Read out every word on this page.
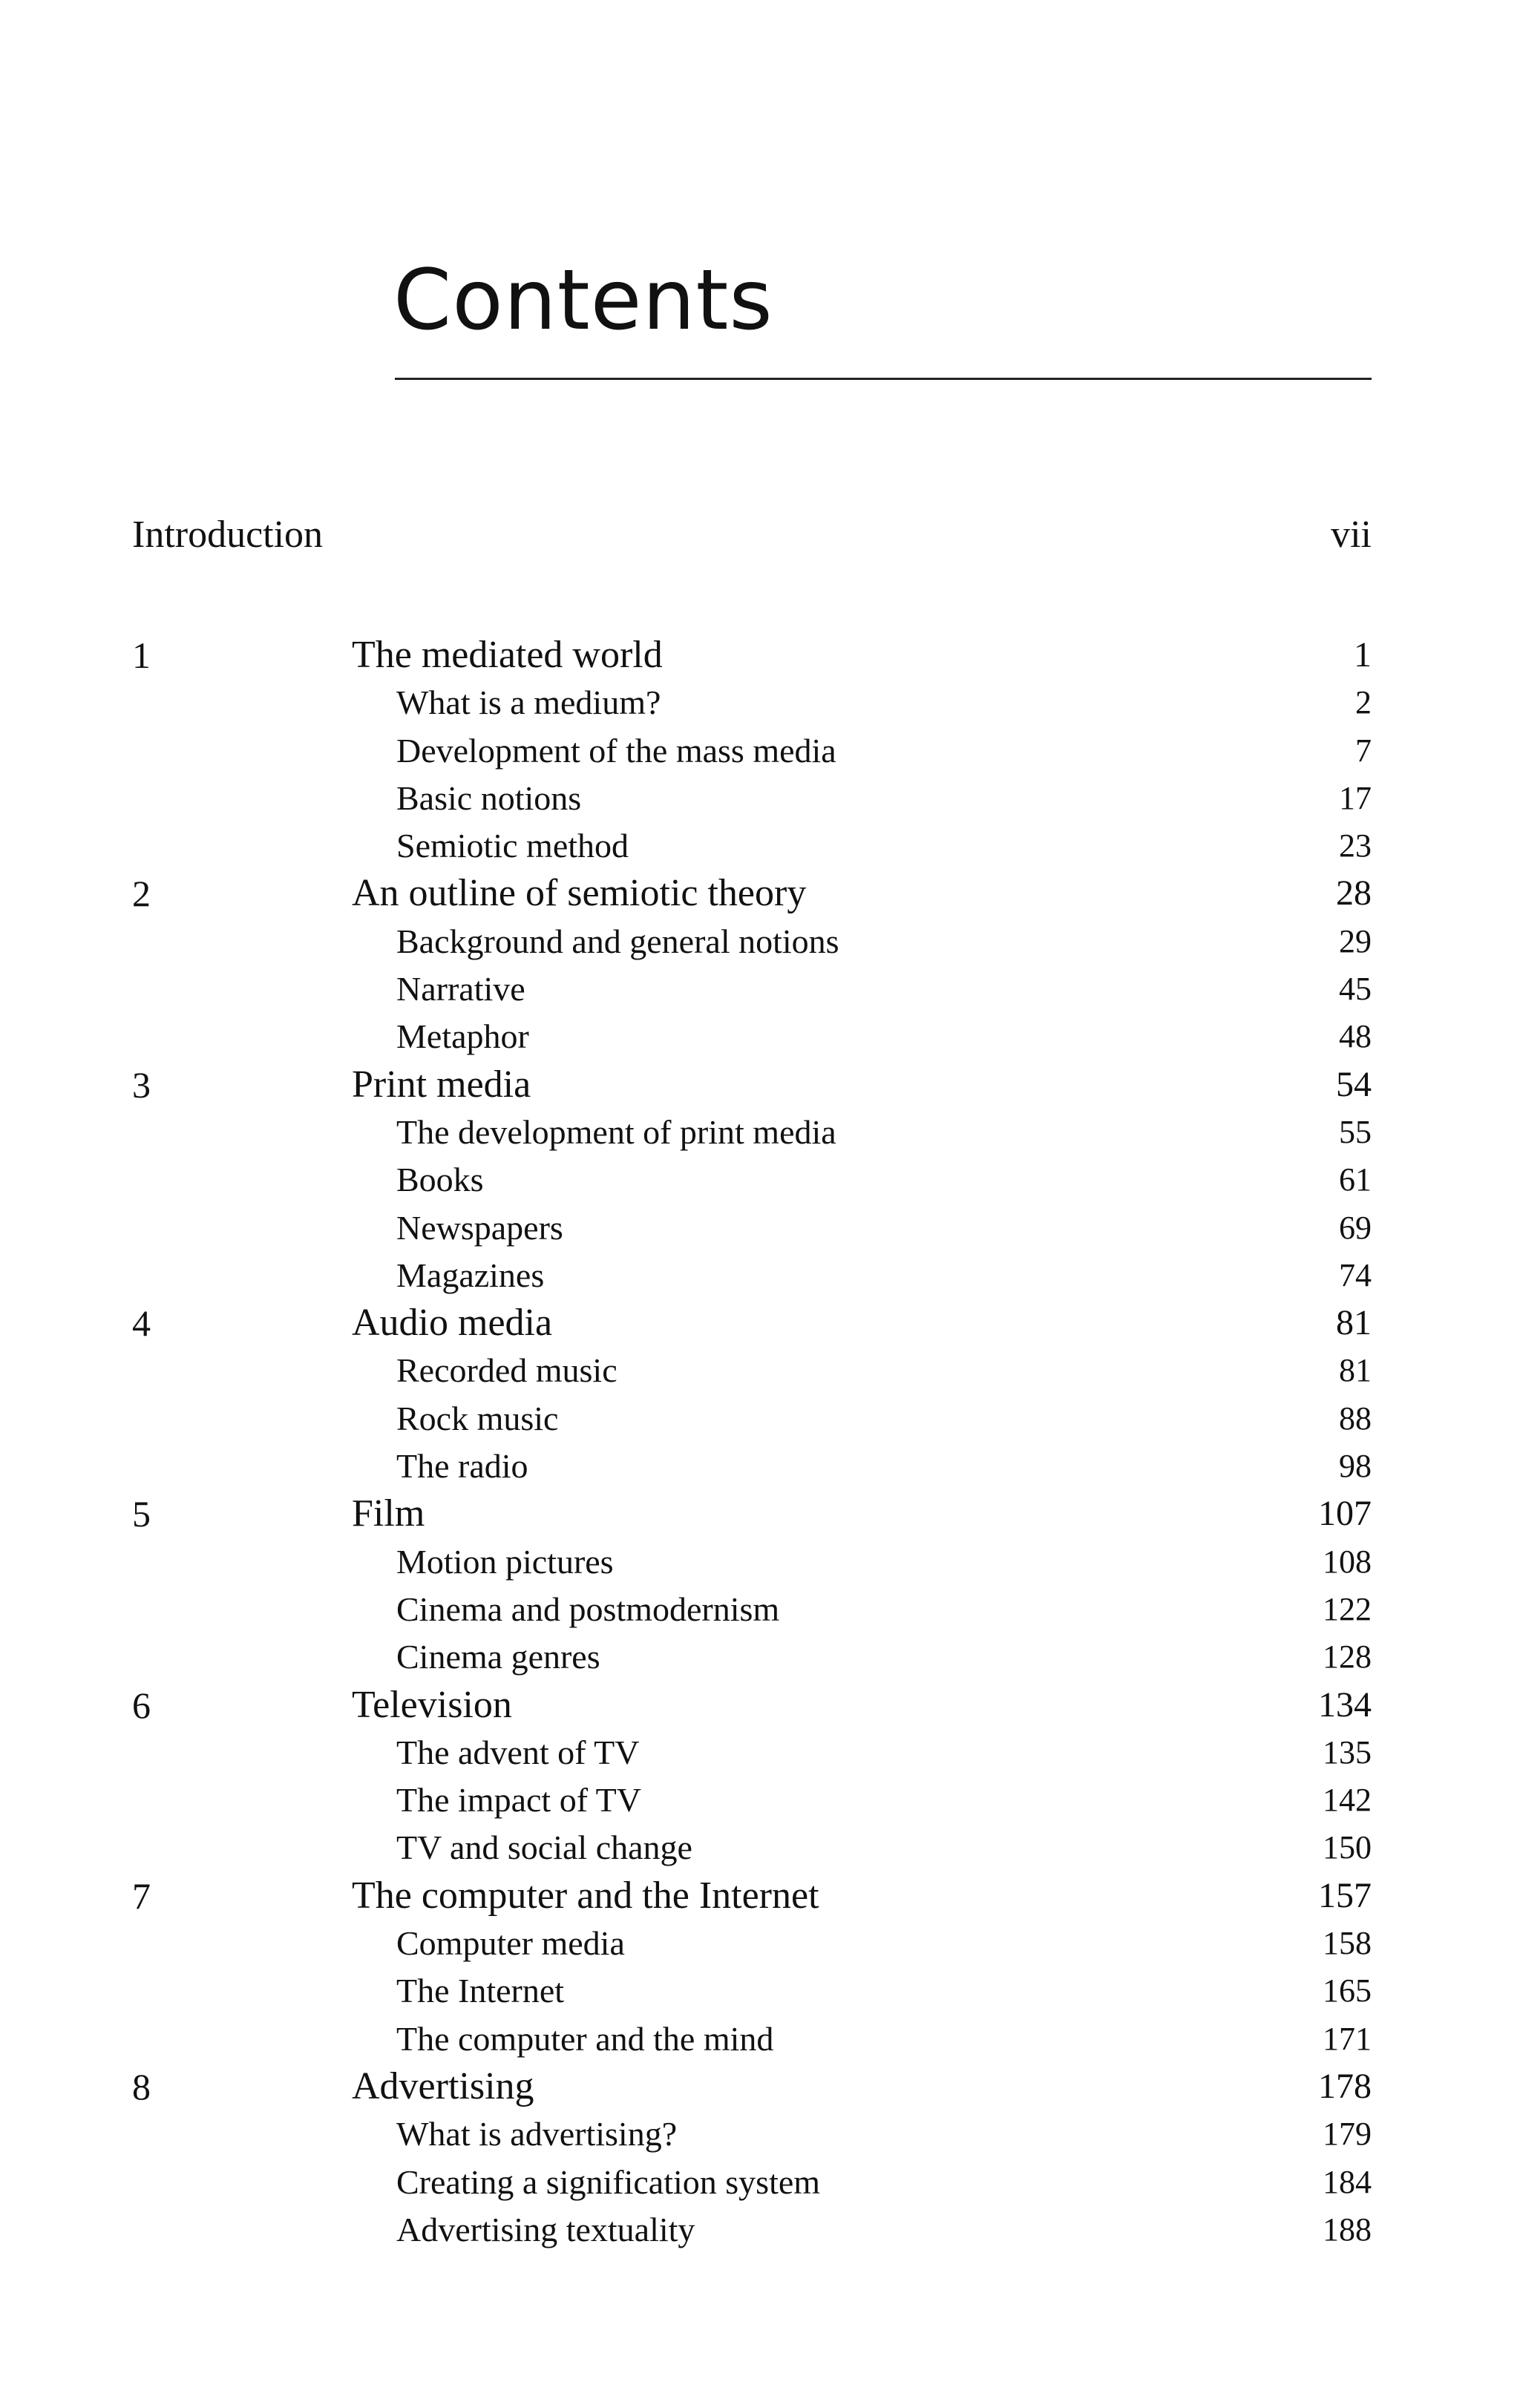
Contents
Introduction	vii
1	The mediated world	1
What is a medium?	2
Development of the mass media	7
Basic notions	17
Semiotic method	23
2	An outline of semiotic theory	28
Background and general notions	29
Narrative	45
Metaphor	48
3	Print media	54
The development of print media	55
Books	61
Newspapers	69
Magazines	74
4	Audio media	81
Recorded music	81
Rock music	88
The radio	98
5	Film	107
Motion pictures	108
Cinema and postmodernism	122
Cinema genres	128
6	Television	134
The advent of TV	135
The impact of TV	142
TV and social change	150
7	The computer and the Internet	157
Computer media	158
The Internet	165
The computer and the mind	171
8	Advertising	178
What is advertising?	179
Creating a signification system	184
Advertising textuality	188
